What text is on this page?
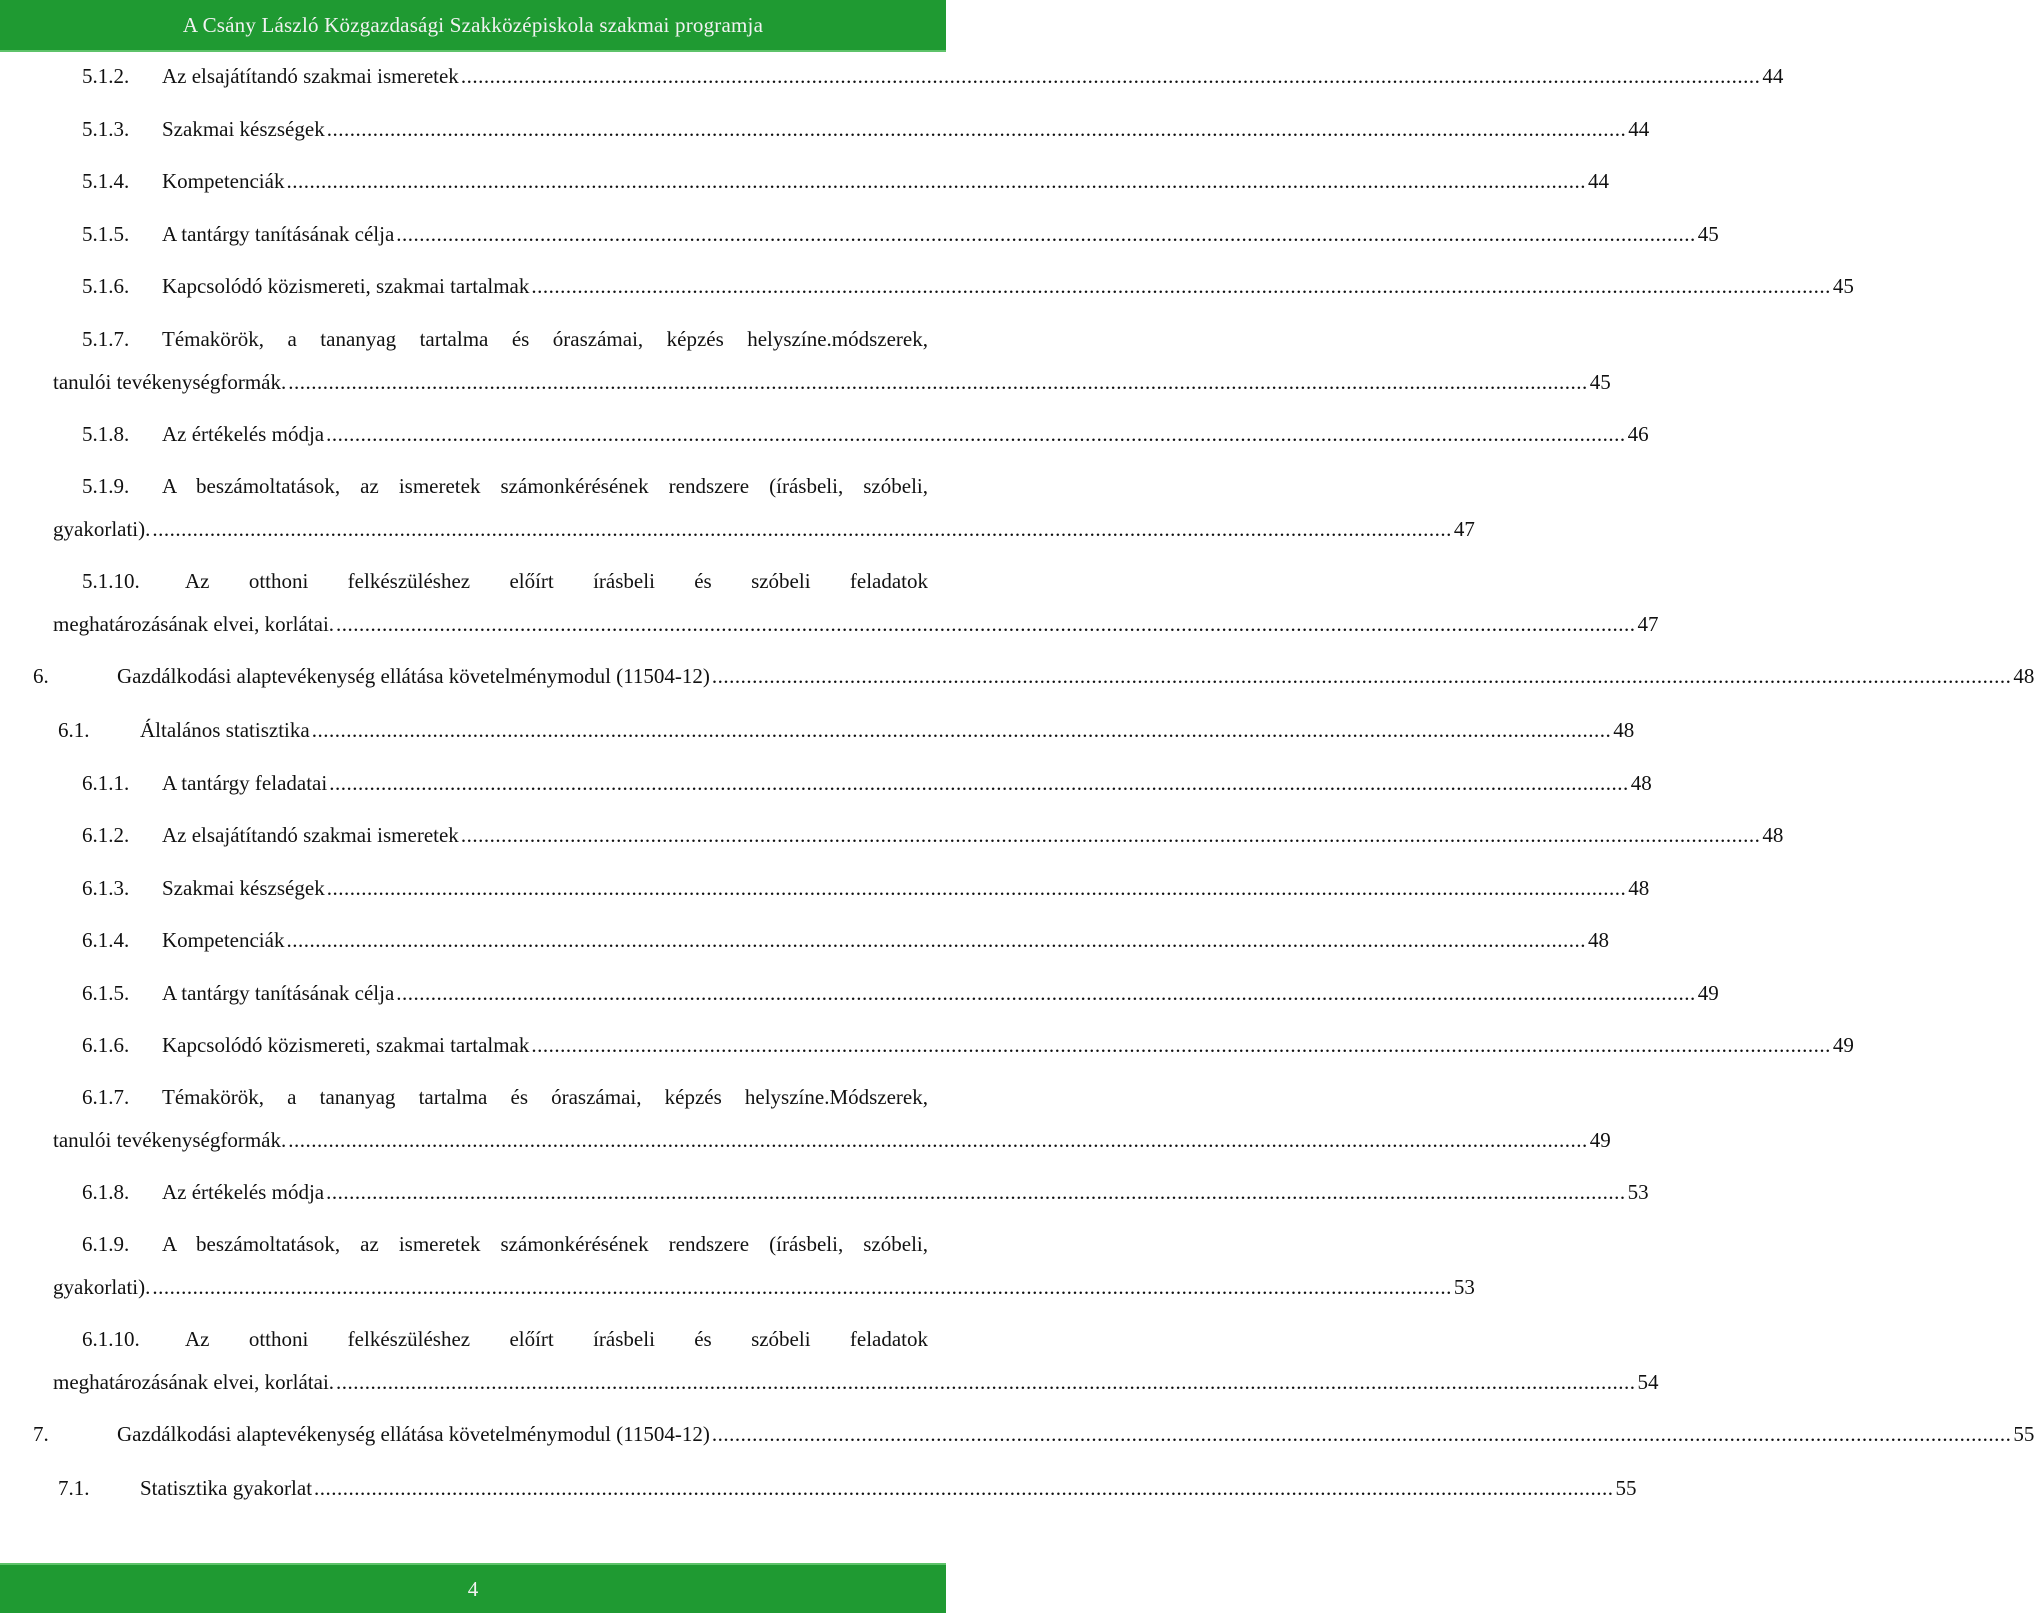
A Csány László Közgazdasági Szakközépiskola szakmai programja
5.1.2. Az elsajátítandó szakmai ismeretek .....	44
5.1.3. Szakmai készségek .....	44
5.1.4. Kompetenciák .....	44
5.1.5. A tantárgy tanításának célja .....	45
5.1.6. Kapcsolódó közismereti, szakmai tartalmak .....	45
5.1.7. Témakörök, a tananyag tartalma és óraszámai, képzés helyszíne.módszerek,
tanulói tevékenységformák. .....	45
5.1.8. Az értékelés módja .....	46
5.1.9. A beszámoltatások, az ismeretek számonkérésének rendszere (írásbeli, szóbeli,
gyakorlati). .....	47
5.1.10. Az otthoni felkészüléshez előírt írásbeli és szóbeli feladatok
meghatározásának elvei, korlátai. .....	47
6.	Gazdálkodási alaptevékenység ellátása követelménymodul (11504-12) .....	48
6.1. Általános statisztika .....	48
6.1.1. A tantárgy feladatai .....	48
6.1.2. Az elsajátítandó szakmai ismeretek .....	48
6.1.3. Szakmai készségek .....	48
6.1.4. Kompetenciák .....	48
6.1.5. A tantárgy tanításának célja .....	49
6.1.6. Kapcsolódó közismereti, szakmai tartalmak .....	49
6.1.7. Témakörök, a tananyag tartalma és óraszámai, képzés helyszíne.Módszerek,
tanulói tevékenységformák. .....	49
6.1.8. Az értékelés módja .....	53
6.1.9. A beszámoltatások, az ismeretek számonkérésének rendszere (írásbeli, szóbeli,
gyakorlati). .....	53
6.1.10. Az otthoni felkészüléshez előírt írásbeli és szóbeli feladatok
meghatározásának elvei, korlátai. .....	54
7.	Gazdálkodási alaptevékenység ellátása követelménymodul (11504-12) .....	55
7.1. Statisztika gyakorlat .....	55
4
